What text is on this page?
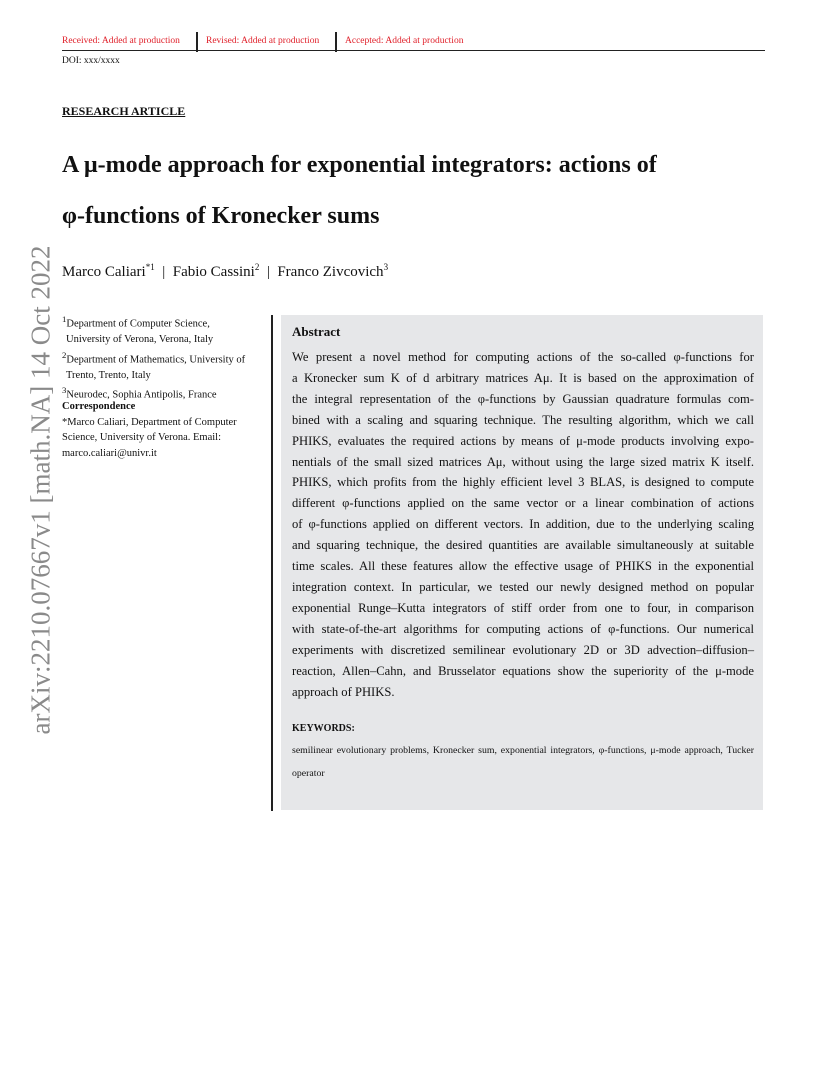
Received: Added at production	Revised: Added at production	Accepted: Added at production
DOI: xxx/xxxx
RESEARCH ARTICLE
A μ-mode approach for exponential integrators: actions of
φ-functions of Kronecker sums
Marco Caliari$^{*1}$ | Fabio Cassini$^2$ | Franco Zivcovich$^3$
$^1$Department of Computer Science,
University of Verona, Verona, Italy
$^2$Department of Mathematics, University of
Trento, Trento, Italy
$^3$Neurodec, Sophia Antipolis, France
Correspondence
*Marco Caliari, Department of Computer Science, University of Verona. Email: marco.caliari@univr.it
Abstract
We present a novel method for computing actions of the so-called φ-functions for
a Kronecker sum K of d arbitrary matrices Aμ. It is based on the approximation of
the integral representation of the φ-functions by Gaussian quadrature formulas com-
bined with a scaling and squaring technique. The resulting algorithm, which we call
PHIKS, evaluates the required actions by means of μ-mode products involving expo-
nentials of the small sized matrices Aμ, without using the large sized matrix K itself.
PHIKS, which profits from the highly efficient level 3 BLAS, is designed to compute
different φ-functions applied on the same vector or a linear combination of actions
of φ-functions applied on different vectors. In addition, due to the underlying scaling
and squaring technique, the desired quantities are available simultaneously at suitable
time scales. All these features allow the effective usage of PHIKS in the exponential
integration context. In particular, we tested our newly designed method on popular
exponential Runge–Kutta integrators of stiff order from one to four, in comparison
with state-of-the-art algorithms for computing actions of φ-functions. Our numerical
experiments with discretized semilinear evolutionary 2D or 3D advection–diffusion–
reaction, Allen–Cahn, and Brusselator equations show the superiority of the μ-mode
approach of PHIKS.
KEYWORDS:
semilinear evolutionary problems, Kronecker sum, exponential integrators, φ-functions, μ-mode approach, Tucker operator
arXiv:2210.07667v1 [math.NA] 14 Oct 2022
